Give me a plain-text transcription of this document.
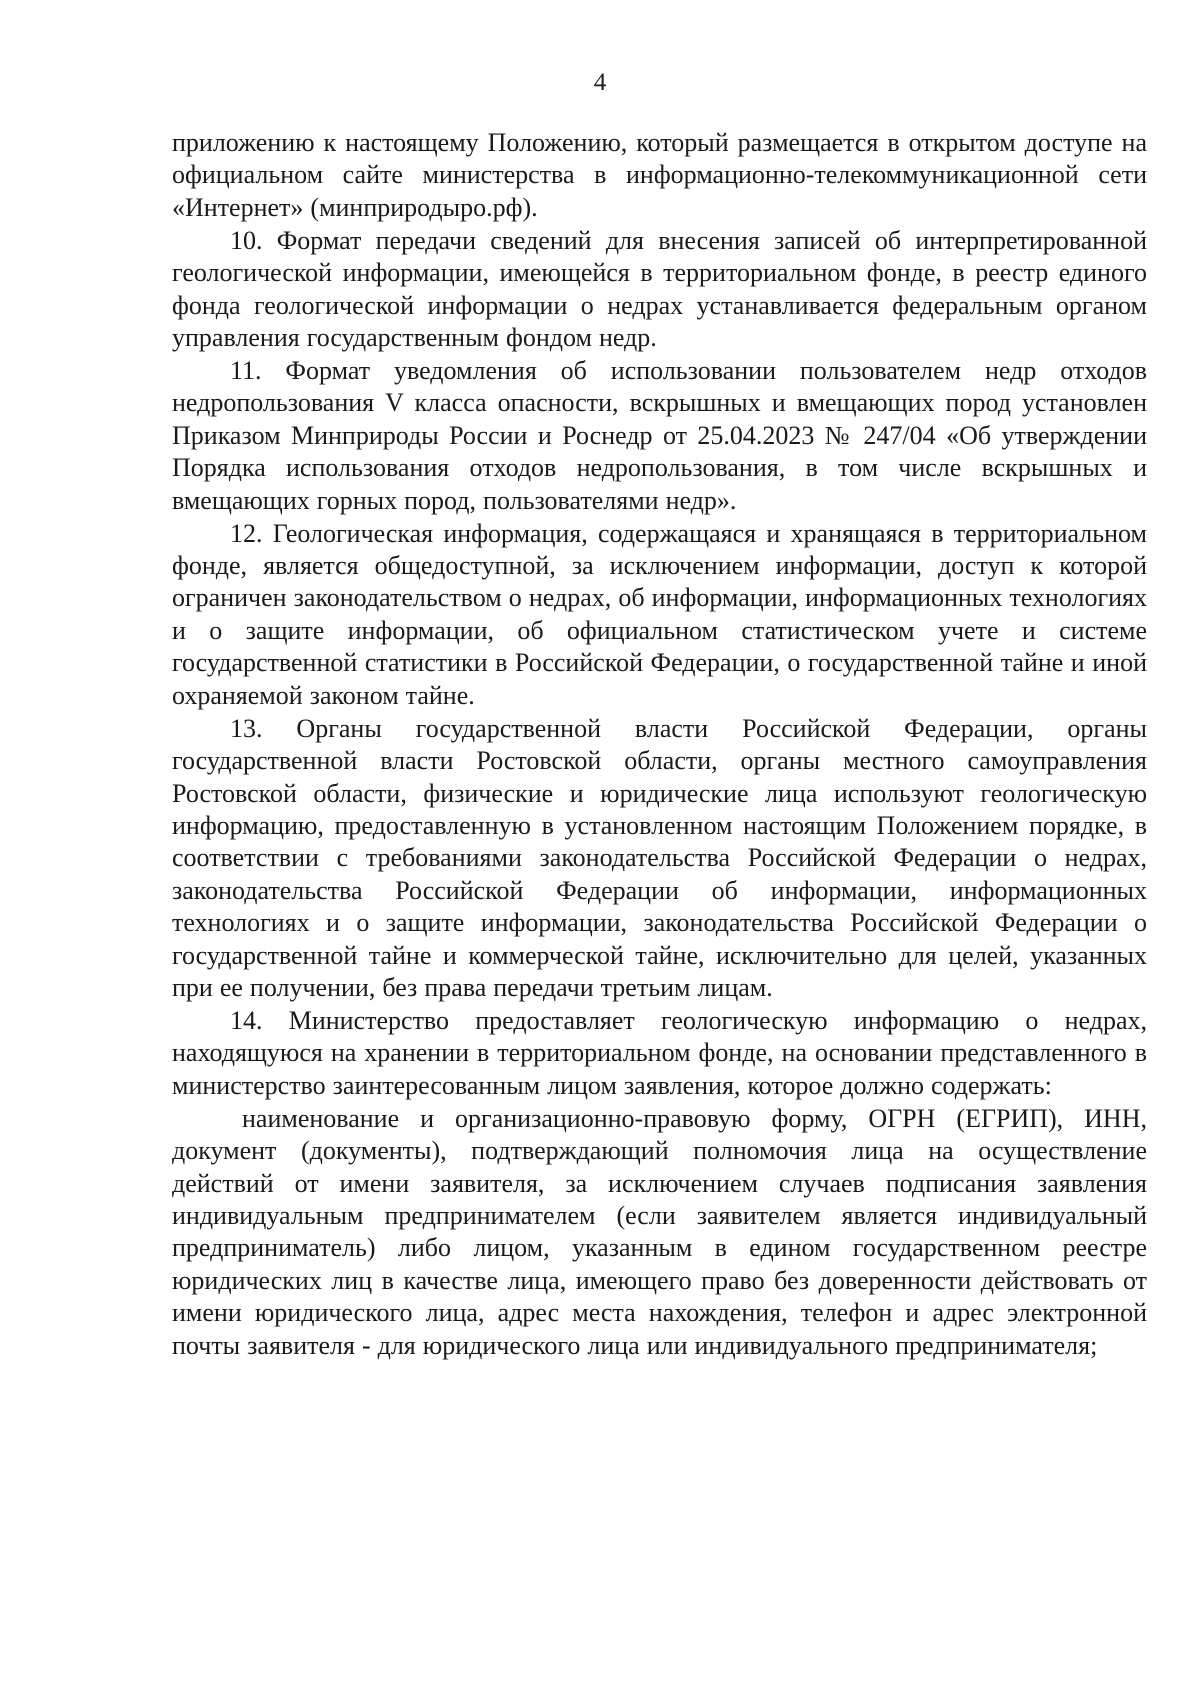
4

приложению к настоящему Положению, который размещается в открытом доступе на официальном сайте министерства в информационно-телекоммуникационной сети «Интернет» (минприродыро.рф).

10. Формат передачи сведений для внесения записей об интерпретированной геологической информации, имеющейся в территориальном фонде, в реестр единого фонда геологической информации о недрах устанавливается федеральным органом управления государственным фондом недр.

11. Формат уведомления об использовании пользователем недр отходов недропользования V класса опасности, вскрышных и вмещающих пород установлен Приказом Минприроды России и Роснедр от 25.04.2023 № 247/04 «Об утверждении Порядка использования отходов недропользования, в том числе вскрышных и вмещающих горных пород, пользователями недр».

12. Геологическая информация, содержащаяся и хранящаяся в территориальном фонде, является общедоступной, за исключением информации, доступ к которой ограничен законодательством о недрах, об информации, информационных технологиях и о защите информации, об официальном статистическом учете и системе государственной статистики в Российской Федерации, о государственной тайне и иной охраняемой законом тайне.

13. Органы государственной власти Российской Федерации, органы государственной власти Ростовской области, органы местного самоуправления Ростовской области, физические и юридические лица используют геологическую информацию, предоставленную в установленном настоящим Положением порядке, в соответствии с требованиями законодательства Российской Федерации о недрах, законодательства Российской Федерации об информации, информационных технологиях и о защите информации, законодательства Российской Федерации о государственной тайне и коммерческой тайне, исключительно для целей, указанных при ее получении, без права передачи третьим лицам.

14. Министерство предоставляет геологическую информацию о недрах, находящуюся на хранении в территориальном фонде, на основании представленного в министерство заинтересованным лицом заявления, которое должно содержать:

наименование и организационно-правовую форму, ОГРН (ЕГРИП), ИНН, документ (документы), подтверждающий полномочия лица на осуществление действий от имени заявителя, за исключением случаев подписания заявления индивидуальным предпринимателем (если заявителем является индивидуальный предприниматель) либо лицом, указанным в едином государственном реестре юридических лиц в качестве лица, имеющего право без доверенности действовать от имени юридического лица, адрес места нахождения, телефон и адрес электронной почты заявителя - для юридического лица или индивидуального предпринимателя;
